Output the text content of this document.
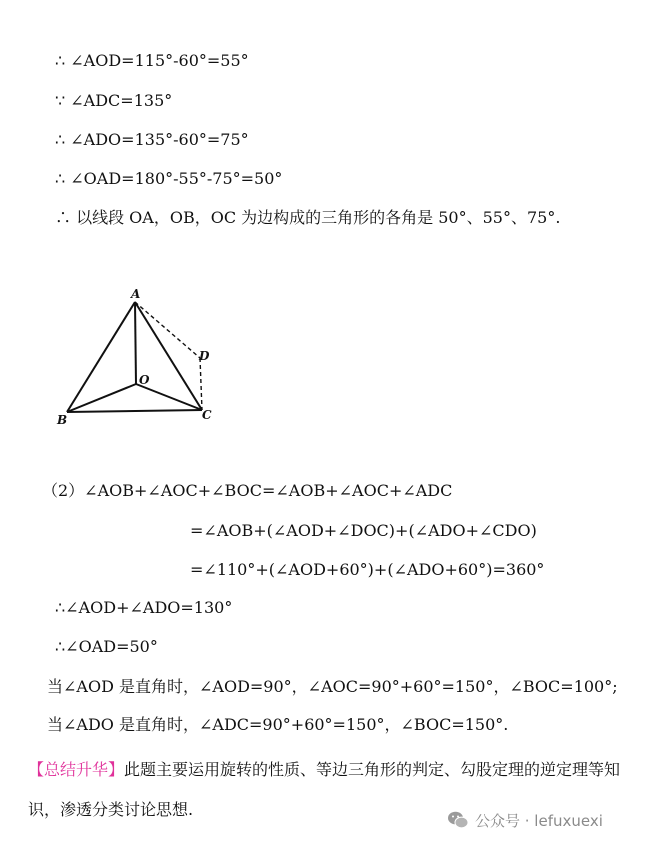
∴ ∠AOD=115°-60°=55°
∵ ∠ADC=135°
∴ ∠ADO=135°-60°=75°
∴ ∠OAD=180°-55°-75°=50°
∴ 以线段 OA，OB，OC 为边构成的三角形的各角是 50°、55°、75°.
A
B	C
D
O
（2）∠AOB+∠AOC+∠BOC=∠AOB+∠AOC+∠ADC
=∠AOB+(∠AOD+∠DOC)+(∠ADO+∠CDO)
=∠110°+(∠AOD+60°)+(∠ADO+60°)=360°
∴∠AOD+∠ADO=130°
∴∠OAD=50°
当∠AOD 是直角时，∠AOD=90°，∠AOC=90°+60°=150°，∠BOC=100°;
当∠ADO 是直角时，∠ADC=90°+60°=150°，∠BOC=150°.
【总结升华】此题主要运用旋转的性质、等边三角形的判定、勾股定理的逆定理等知识，渗透分类讨论思想.
公众号 · lefuxuexi
